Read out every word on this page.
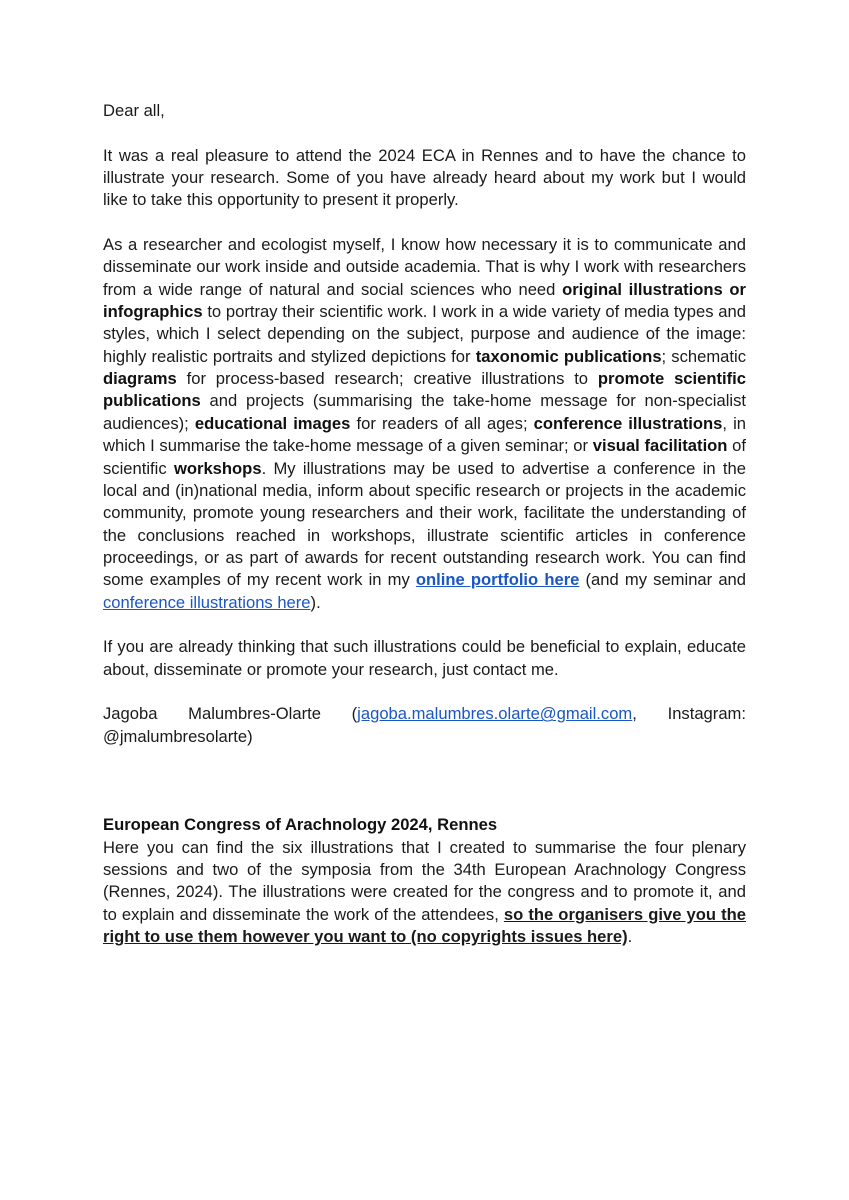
Dear all,

It was a real pleasure to attend the 2024 ECA in Rennes and to have the chance to illustrate your research. Some of you have already heard about my work but I would like to take this opportunity to present it properly.

As a researcher and ecologist myself, I know how necessary it is to communicate and disseminate our work inside and outside academia. That is why I work with researchers from a wide range of natural and social sciences who need original illustrations or infographics to portray their scientific work. I work in a wide variety of media types and styles, which I select depending on the subject, purpose and audience of the image: highly realistic portraits and stylized depictions for taxonomic publications; schematic diagrams for process-based research; creative illustrations to promote scientific publications and projects (summarising the take-home message for non-specialist audiences); educational images for readers of all ages; conference illustrations, in which I summarise the take-home message of a given seminar; or visual facilitation of scientific workshops. My illustrations may be used to advertise a conference in the local and (in)national media, inform about specific research or projects in the academic community, promote young researchers and their work, facilitate the understanding of the conclusions reached in workshops, illustrate scientific articles in conference proceedings, or as part of awards for recent outstanding research work. You can find some examples of my recent work in my online portfolio here (and my seminar and conference illustrations here).

If you are already thinking that such illustrations could be beneficial to explain, educate about, disseminate or promote your research, just contact me.

Jagoba Malumbres-Olarte (jagoba.malumbres.olarte@gmail.com, Instagram: @jmalumbresolarte)

European Congress of Arachnology 2024, Rennes
Here you can find the six illustrations that I created to summarise the four plenary sessions and two of the symposia from the 34th European Arachnology Congress (Rennes, 2024). The illustrations were created for the congress and to promote it, and to explain and disseminate the work of the attendees, so the organisers give you the right to use them however you want to (no copyrights issues here).
